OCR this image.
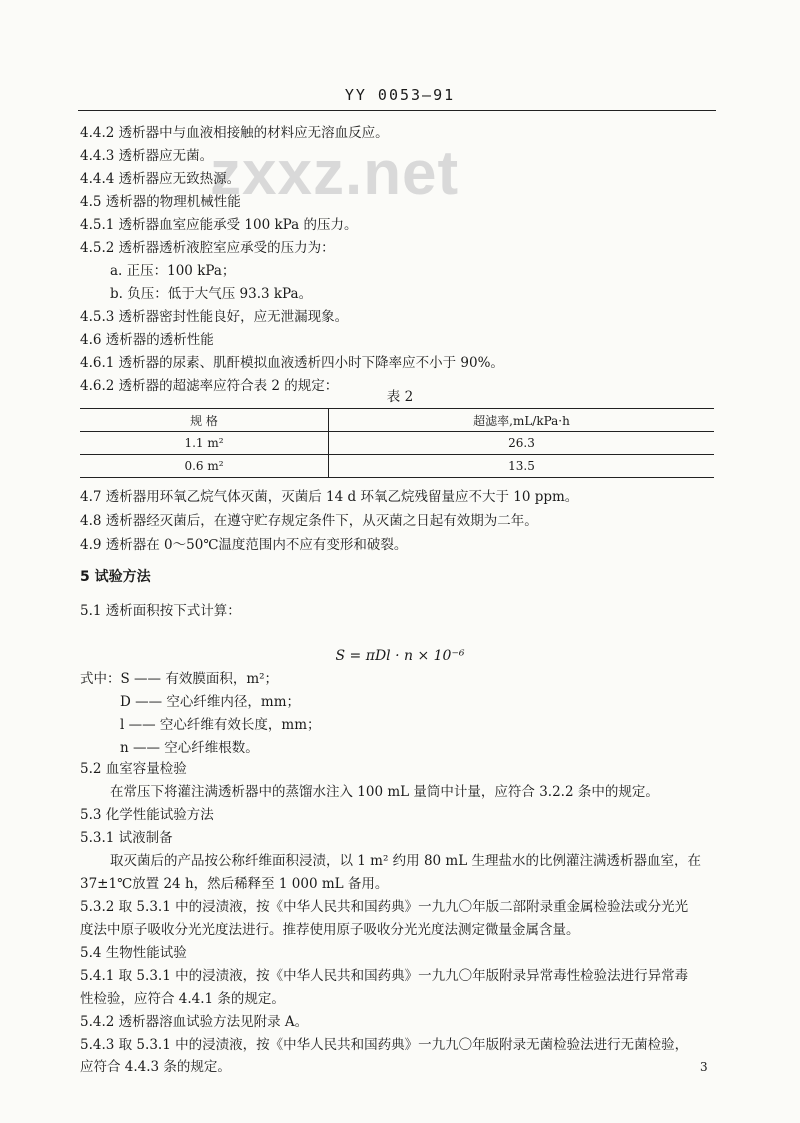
YY 0053—91
zxxz.net
4.4.2 透析器中与血液相接触的材料应无溶血反应。
4.4.3 透析器应无菌。
4.4.4 透析器应无致热源。
4.5 透析器的物理机械性能
4.5.1 透析器血室应能承受 100 kPa 的压力。
4.5.2 透析器透析液腔室应承受的压力为：
a. 正压：100 kPa；
b. 负压：低于大气压 93.3 kPa。
4.5.3 透析器密封性能良好，应无泄漏现象。
4.6 透析器的透析性能
4.6.1 透析器的尿素、肌酐模拟血液透析四小时下降率应不小于 90%。
4.6.2 透析器的超滤率应符合表 2 的规定：
表 2
规 格	超滤率,mL/kPa·h
1.1 m²	26.3
0.6 m²	13.5
4.7 透析器用环氧乙烷气体灭菌，灭菌后 14 d 环氧乙烷残留量应不大于 10 ppm。
4.8 透析器经灭菌后，在遵守贮存规定条件下，从灭菌之日起有效期为二年。
4.9 透析器在 0～50℃温度范围内不应有变形和破裂。
5 试验方法
5.1 透析面积按下式计算：
S = πDl · n × 10⁻⁶
式中：S —— 有效膜面积，m²；
D —— 空心纤维内径，mm；
l —— 空心纤维有效长度，mm；
n —— 空心纤维根数。
5.2 血室容量检验
在常压下将灌注满透析器中的蒸馏水注入 100 mL 量筒中计量，应符合 3.2.2 条中的规定。
5.3 化学性能试验方法
5.3.1 试液制备
取灭菌后的产品按公称纤维面积浸渍，以 1 m² 约用 80 mL 生理盐水的比例灌注满透析器血室，在
37±1℃放置 24 h，然后稀释至 1 000 mL 备用。
5.3.2 取 5.3.1 中的浸渍液，按《中华人民共和国药典》一九九〇年版二部附录重金属检验法或分光光
度法中原子吸收分光光度法进行。推荐使用原子吸收分光光度法测定微量金属含量。
5.4 生物性能试验
5.4.1 取 5.3.1 中的浸渍液，按《中华人民共和国药典》一九九〇年版附录异常毒性检验法进行异常毒
性检验，应符合 4.4.1 条的规定。
5.4.2 透析器溶血试验方法见附录 A。
5.4.3 取 5.3.1 中的浸渍液，按《中华人民共和国药典》一九九〇年版附录无菌检验法进行无菌检验，
应符合 4.4.3 条的规定。	3
